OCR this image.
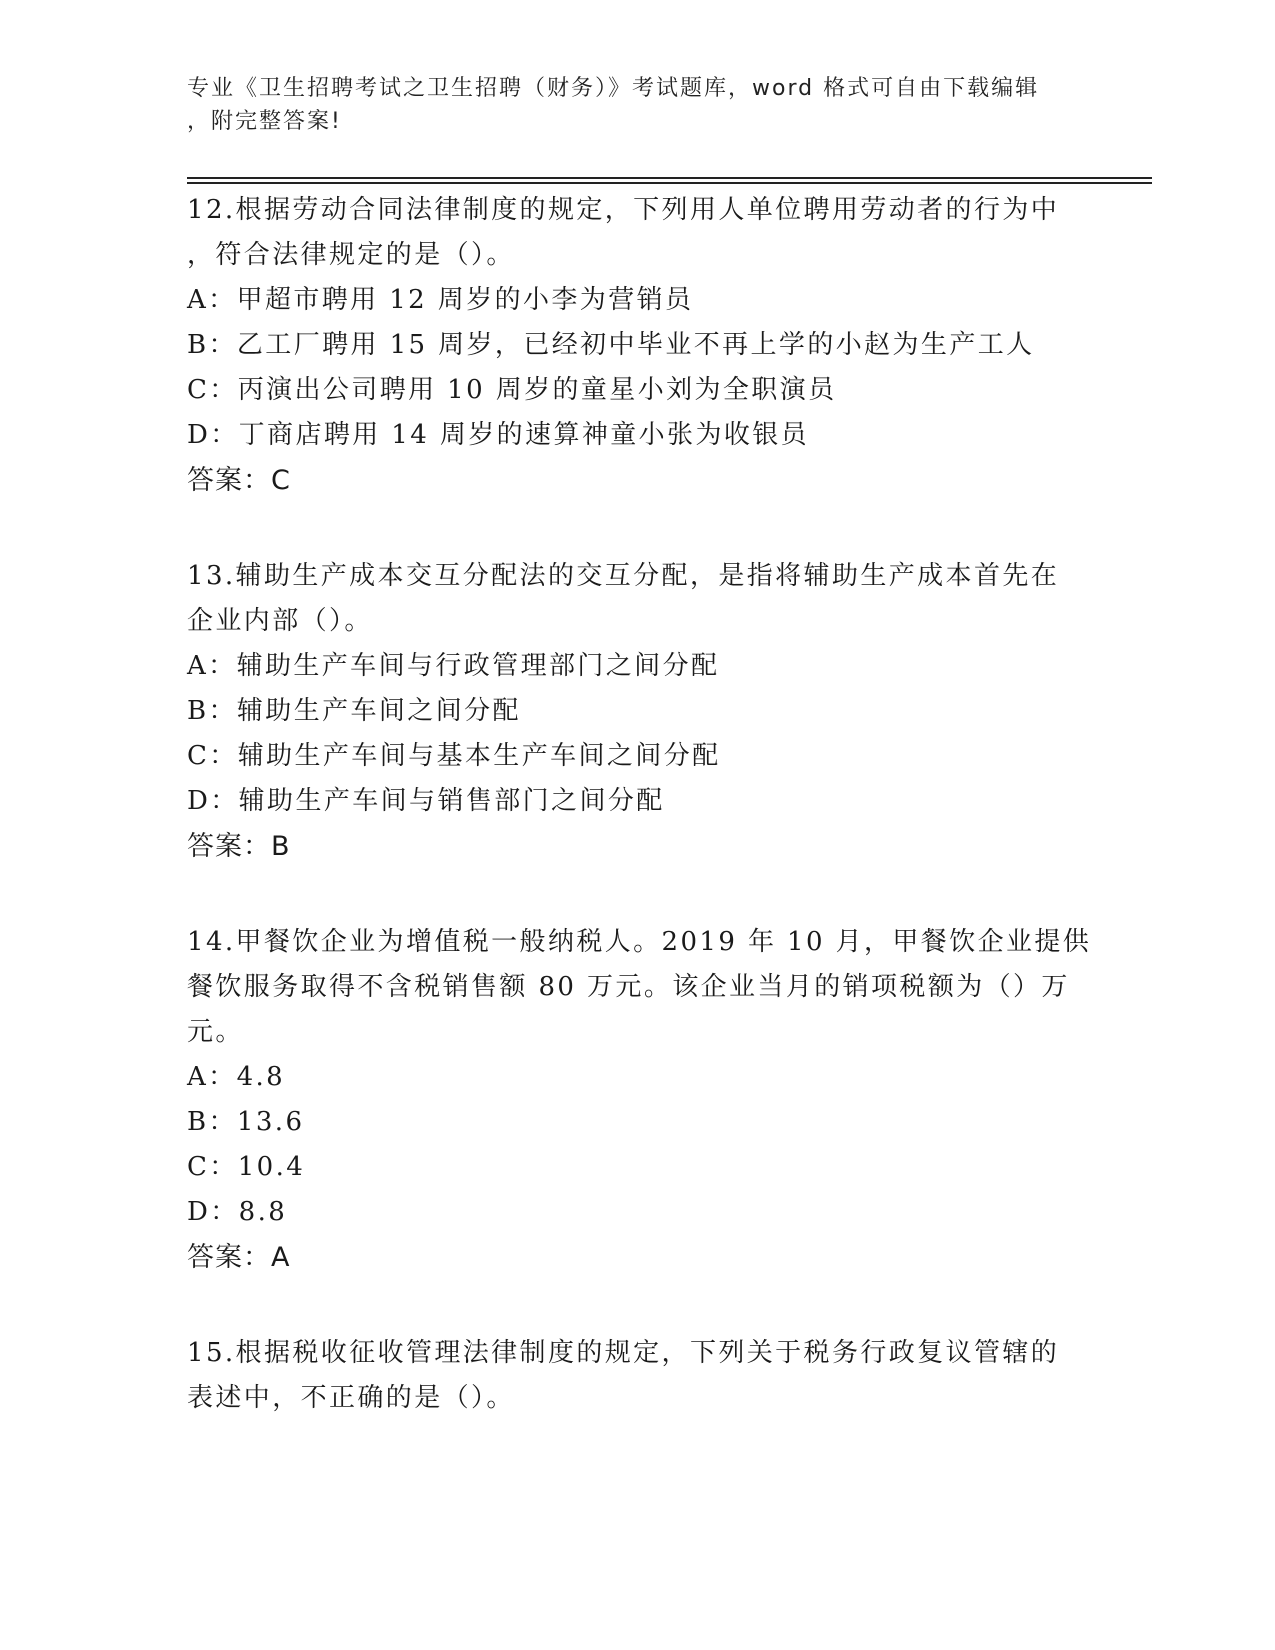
专业《卫生招聘考试之卫生招聘（财务）》考试题库，word 格式可自由下载编辑
，附完整答案!
12.根据劳动合同法律制度的规定，下列用人单位聘用劳动者的行为中
，符合法律规定的是（）。
A：甲超市聘用 12 周岁的小李为营销员
B：乙工厂聘用 15 周岁，已经初中毕业不再上学的小赵为生产工人
C：丙演出公司聘用 10 周岁的童星小刘为全职演员
D：丁商店聘用 14 周岁的速算神童小张为收银员
答案：C
13.辅助生产成本交互分配法的交互分配，是指将辅助生产成本首先在
企业内部（）。
A：辅助生产车间与行政管理部门之间分配
B：辅助生产车间之间分配
C：辅助生产车间与基本生产车间之间分配
D：辅助生产车间与销售部门之间分配
答案：B
14.甲餐饮企业为增值税一般纳税人。2019 年 10 月，甲餐饮企业提供
餐饮服务取得不含税销售额 80 万元。该企业当月的销项税额为（）万
元。
A：4.8
B：13.6
C：10.4
D：8.8
答案：A
15.根据税收征收管理法律制度的规定，下列关于税务行政复议管辖的
表述中，不正确的是（）。
